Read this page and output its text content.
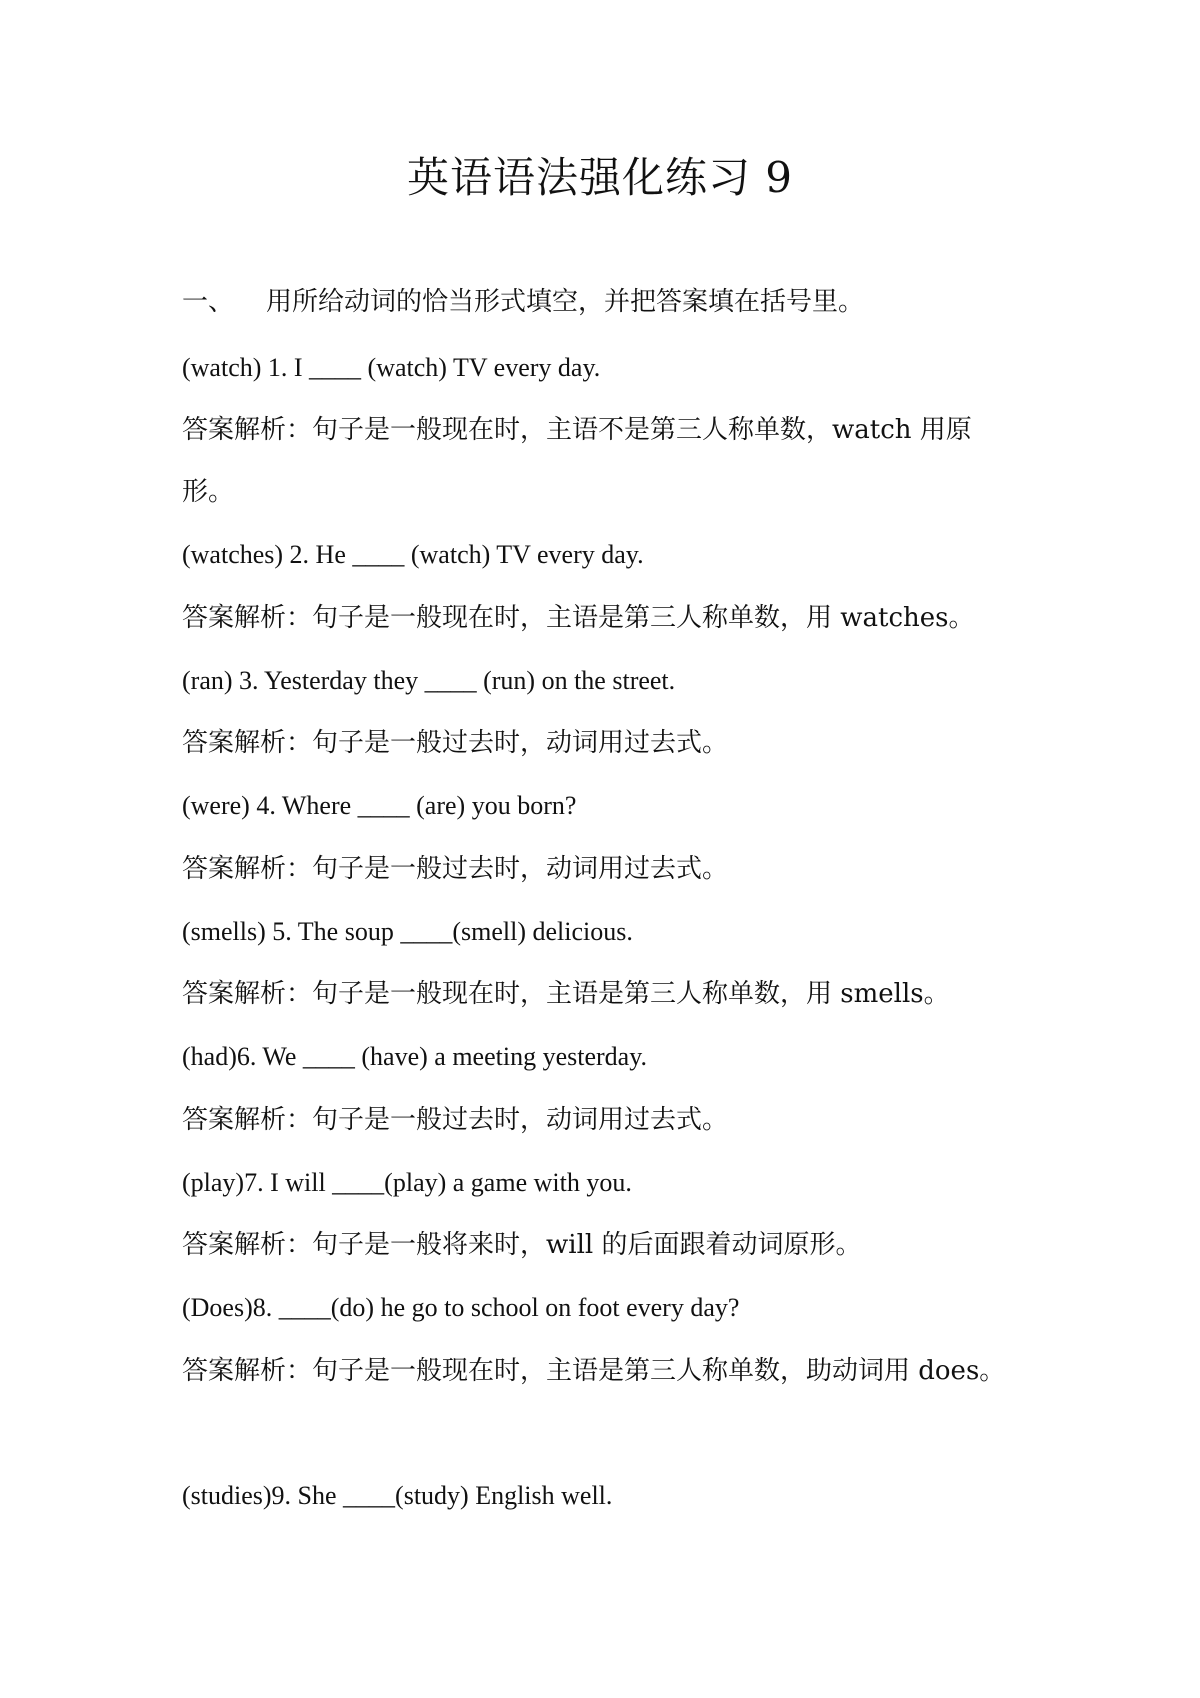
英语语法强化练习 9
一、 用所给动词的恰当形式填空，并把答案填在括号里。
(watch) 1. I ____ (watch) TV every day.
答案解析：句子是一般现在时，主语不是第三人称单数，watch 用原
形。
(watches) 2. He ____ (watch) TV every day.
答案解析：句子是一般现在时，主语是第三人称单数，用 watches。
(ran) 3. Yesterday they ____ (run) on the street.
答案解析：句子是一般过去时，动词用过去式。
(were) 4. Where ____ (are) you born?
答案解析：句子是一般过去时，动词用过去式。
(smells) 5. The soup ____(smell) delicious.
答案解析：句子是一般现在时，主语是第三人称单数，用 smells。
(had)6. We ____ (have) a meeting yesterday.
答案解析：句子是一般过去时，动词用过去式。
(play)7. I will ____(play) a game with you.
答案解析：句子是一般将来时，will 的后面跟着动词原形。
(Does)8. ____(do) he go to school on foot every day?
答案解析：句子是一般现在时，主语是第三人称单数，助动词用 does。
(studies)9. She ____(study) English well.
